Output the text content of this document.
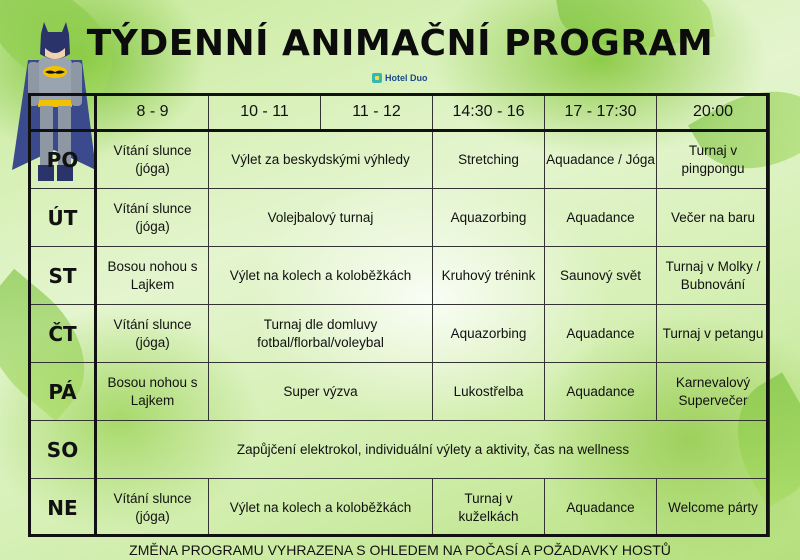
TÝDENNÍ ANIMAČNÍ PROGRAM
Hotel Duo
	8 - 9	10 - 11	11 - 12	14:30 - 16	17 - 17:30	20:00
PO	Vítání slunce (jóga)	Výlet za beskydskými výhledy		Stretching	Aquadance / Jóga	Turnaj v pingpongu
ÚT	Vítání slunce (jóga)	Volejbalový turnaj		Aquazorbing	Aquadance	Večer na baru
ST	Bosou nohou s Lajkem	Výlet na kolech a koloběžkách		Kruhový trénink	Saunový svět	Turnaj v Molky / Bubnování
ČT	Vítání slunce (jóga)	Turnaj dle domluvy fotbal/florbal/voleybal		Aquazorbing	Aquadance	Turnaj v petangu
PÁ	Bosou nohou s Lajkem	Super výzva		Lukostřelba	Aquadance	Karnevalový Supervečer
SO	Zapůjčení elektrokol, individuální výlety a aktivity, čas na wellness					
NE	Vítání slunce (jóga)	Výlet na kolech a koloběžkách		Turnaj v kuželkách	Aquadance	Welcome párty
ZMĚNA PROGRAMU VYHRAZENA S OHLEDEM NA POČASÍ A POŽADAVKY HOSTŮ
